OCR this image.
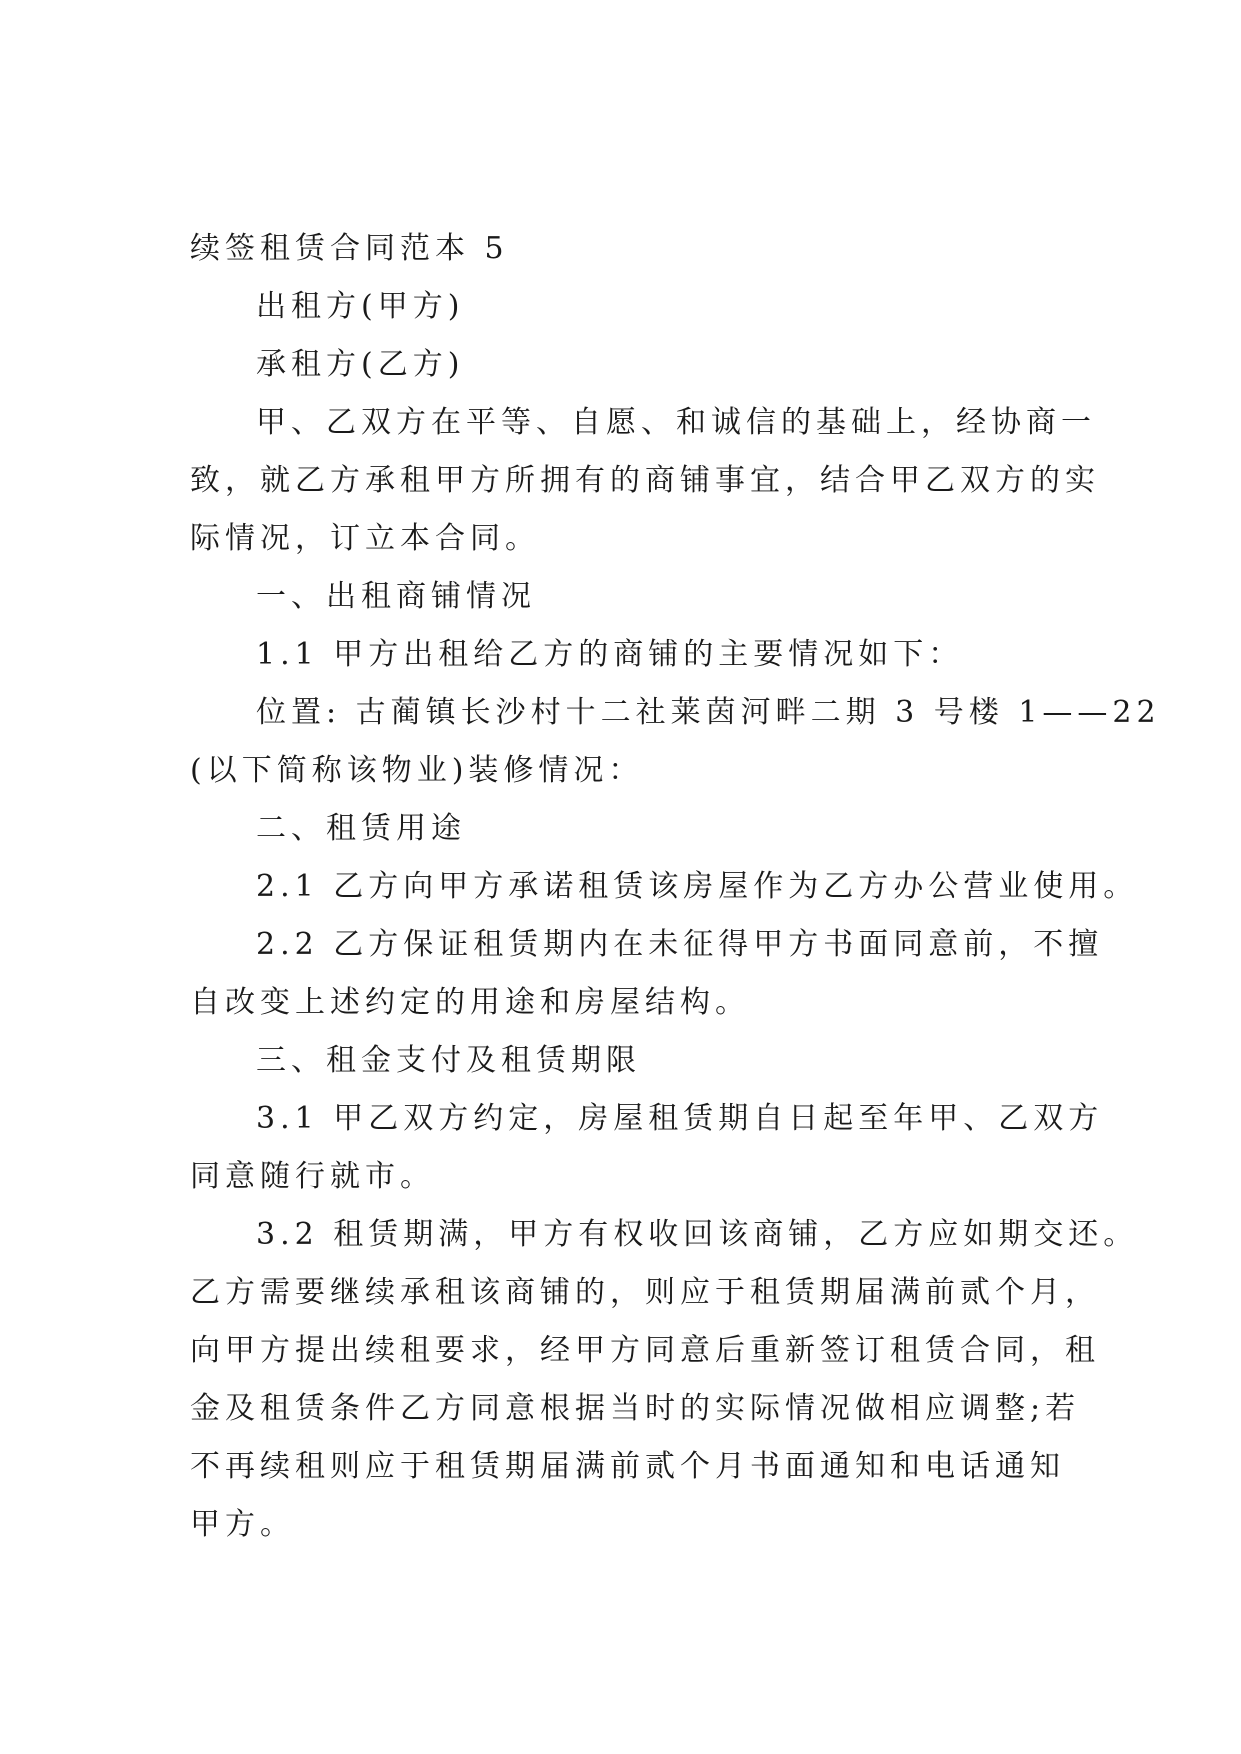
续签租赁合同范本 5

出租方(甲方)

承租方(乙方)

甲、乙双方在平等、自愿、和诚信的基础上，经协商一

致，就乙方承租甲方所拥有的商铺事宜，结合甲乙双方的实

际情况，订立本合同。

一、出租商铺情况

1.1 甲方出租给乙方的商铺的主要情况如下：

位置: 古蔺镇长沙村十二社莱茵河畔二期 3 号楼 1——22

(以下简称该物业)装修情况：

二、租赁用途

2.1 乙方向甲方承诺租赁该房屋作为乙方办公营业使用。

2.2 乙方保证租赁期内在未征得甲方书面同意前，不擅

自改变上述约定的用途和房屋结构。

三、租金支付及租赁期限

3.1 甲乙双方约定，房屋租赁期自日起至年甲、乙双方

同意随行就市。

3.2 租赁期满，甲方有权收回该商铺，乙方应如期交还。

乙方需要继续承租该商铺的，则应于租赁期届满前贰个月，

向甲方提出续租要求，经甲方同意后重新签订租赁合同，租

金及租赁条件乙方同意根据当时的实际情况做相应调整;若

不再续租则应于租赁期届满前贰个月书面通知和电话通知

甲方。
